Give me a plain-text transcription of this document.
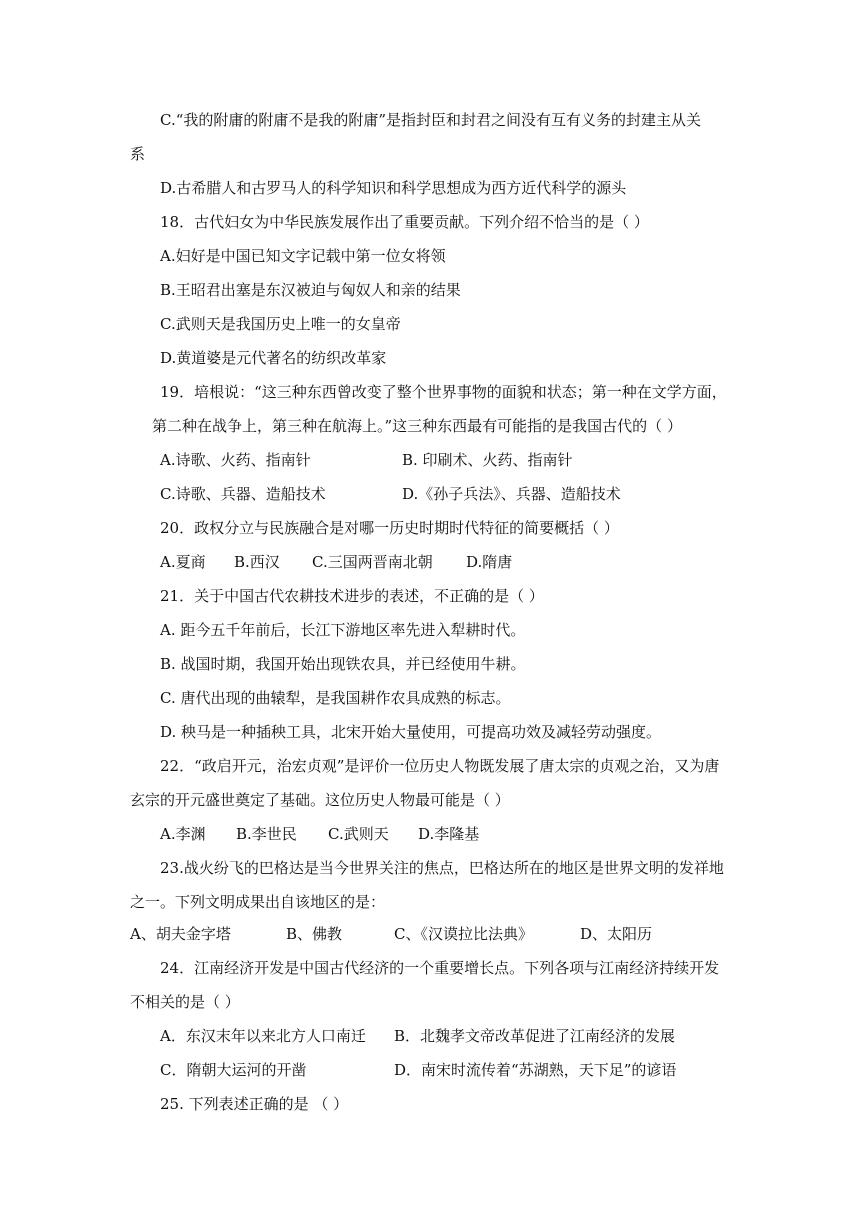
C.“我的附庸的附庸不是我的附庸”是指封臣和封君之间没有互有义务的封建主从关
系
D.古希腊人和古罗马人的科学知识和科学思想成为西方近代科学的源头
18．古代妇女为中华民族发展作出了重要贡献。下列介绍不恰当的是（ ）
A.妇好是中国已知文字记载中第一位女将领
B.王昭君出塞是东汉被迫与匈奴人和亲的结果
C.武则天是我国历史上唯一的女皇帝
D.黄道婆是元代著名的纺织改革家
19．培根说：“这三种东西曾改变了整个世界事物的面貌和状态；第一种在文学方面，
第二种在战争上，第三种在航海上。”这三种东西最有可能指的是我国古代的（ ）
A.诗歌、火药、指南针	B. 印刷术、火药、指南针
C.诗歌、兵器、造船技术	D.《孙子兵法》、兵器、造船技术
20．政权分立与民族融合是对哪一历史时期时代特征的简要概括（ ）
A.夏商 B.西汉 C.三国两晋南北朝 D.隋唐
21．关于中国古代农耕技术进步的表述，不正确的是（ ）
A. 距今五千年前后，长江下游地区率先进入犁耕时代。
B. 战国时期，我国开始出现铁农具，并已经使用牛耕。
C. 唐代出现的曲辕犁，是我国耕作农具成熟的标志。
D. 秧马是一种插秧工具，北宋开始大量使用，可提高功效及减轻劳动强度。
22．“政启开元，治宏贞观”是评价一位历史人物既发展了唐太宗的贞观之治，又为唐
玄宗的开元盛世奠定了基础。这位历史人物最可能是（ ）
A.李渊 B.李世民 C.武则天 D.李隆基
23.战火纷飞的巴格达是当今世界关注的焦点，巴格达所在的地区是世界文明的发祥地
之一。下列文明成果出自该地区的是：
A、胡夫金字塔	B、佛教	C、《汉谟拉比法典》	D、太阳历
24．江南经济开发是中国古代经济的一个重要增长点。下列各项与江南经济持续开发
不相关的是（ ）
A．东汉末年以来北方人口南迁 B．北魏孝文帝改革促进了江南经济的发展
C．隋朝大运河的开凿	D．南宋时流传着“苏湖熟，天下足”的谚语
25. 下列表述正确的是 （ ）
